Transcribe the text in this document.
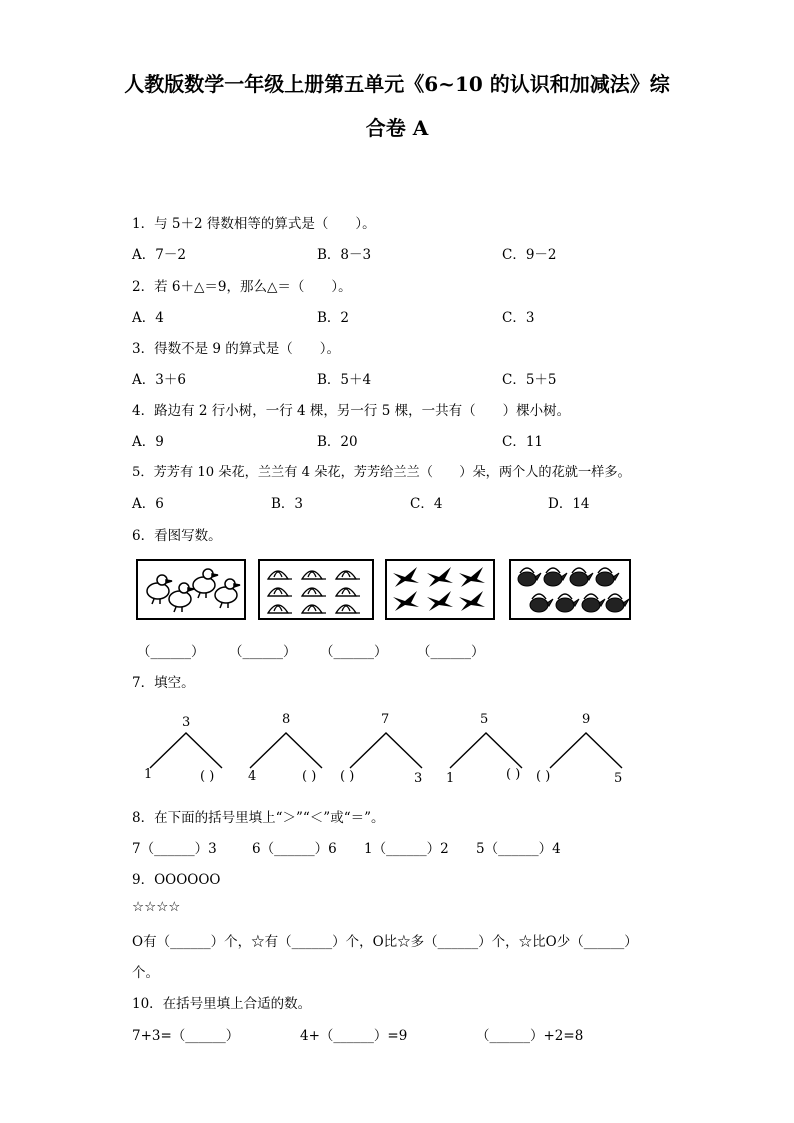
人教版数学一年级上册第五单元《6~10 的认识和加减法》综
合卷 A
1．与 5＋2 得数相等的算式是（　　）。
A．7－2	B．8－3	C．9－2
2．若 6＋△＝9，那么△＝（　　）。
A．4	B．2	C．3
3．得数不是 9 的算式是（　　）。
A．3＋6	B．5＋4	C．5＋5
4．路边有 2 行小树，一行 4 棵，另一行 5 棵，一共有（　　）棵小树。
A．9	B．20	C．11
5．芳芳有 10 朵花，兰兰有 4 朵花，芳芳给兰兰（　　）朵，两个人的花就一样多。
A．6	B．3	C．4	D．14
6．看图写数。
（______） （______） （______） （______）
7．填空。
3
1	( )
8
4	( )
7
( )	3
5
1	( )
9
( )	5
8．在下面的括号里填上“＞”“＜”或“＝”。
7（______）3	6（______）6 1（______）2 5（______）4
9．OOOOOO
☆☆☆☆
O有（______）个，☆有（______）个，O比☆多（______）个，☆比O少（______）
个。
10．在括号里填上合适的数。
7+3=（______）	4+（______）=9	（______）+2=8
